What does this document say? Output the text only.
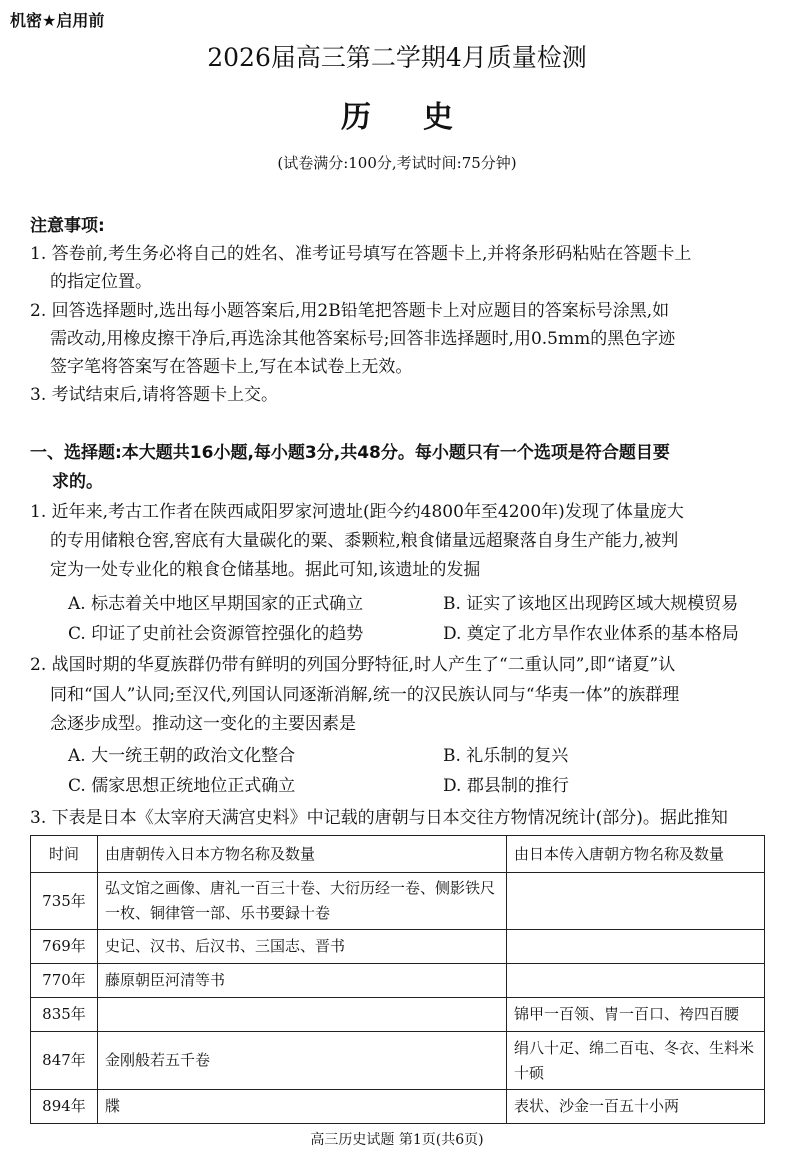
机密★启用前
2026届高三第二学期4月质量检测
历史
(试卷满分:100分,考试时间:75分钟)
注意事项:
1. 答卷前,考生务必将自己的姓名、准考证号填写在答题卡上,并将条形码粘贴在答题卡上
的指定位置。
2. 回答选择题时,选出每小题答案后,用2B铅笔把答题卡上对应题目的答案标号涂黑,如
需改动,用橡皮擦干净后,再选涂其他答案标号;回答非选择题时,用0.5mm的黑色字迹
签字笔将答案写在答题卡上,写在本试卷上无效。
3. 考试结束后,请将答题卡上交。
一、选择题:本大题共16小题,每小题3分,共48分。每小题只有一个选项是符合题目要
求的。
1. 近年来,考古工作者在陕西咸阳罗家河遗址(距今约4800年至4200年)发现了体量庞大
的专用储粮仓窖,窖底有大量碳化的粟、黍颗粒,粮食储量远超聚落自身生产能力,被判
定为一处专业化的粮食仓储基地。据此可知,该遗址的发掘
A. 标志着关中地区早期国家的正式确立	B. 证实了该地区出现跨区域大规模贸易
C. 印证了史前社会资源管控强化的趋势	D. 奠定了北方旱作农业体系的基本格局
2. 战国时期的华夏族群仍带有鲜明的列国分野特征,时人产生了“二重认同”,即“诸夏”认
同和“国人”认同;至汉代,列国认同逐渐消解,统一的汉民族认同与“华夷一体”的族群理
念逐步成型。推动这一变化的主要因素是
A. 大一统王朝的政治文化整合	B. 礼乐制的复兴
C. 儒家思想正统地位正式确立	D. 郡县制的推行
3. 下表是日本《太宰府天满宫史料》中记载的唐朝与日本交往方物情况统计(部分)。据此推知
时间	由唐朝传入日本方物名称及数量	由日本传入唐朝方物名称及数量
735年	弘文馆之画像、唐礼一百三十卷、大衍历经一卷、侧影铁尺一枚、铜律管一部、乐书要録十卷	
769年	史记、汉书、后汉书、三国志、晋书	
770年	藤原朝臣河清等书	
835年		锦甲一百领、冑一百口、袴四百腰
847年	金刚般若五千卷	绢八十疋、绵二百屯、冬衣、生料米十硕
894年	牒	表状、沙金一百五十小两
高三历史试题 第1页(共6页)
